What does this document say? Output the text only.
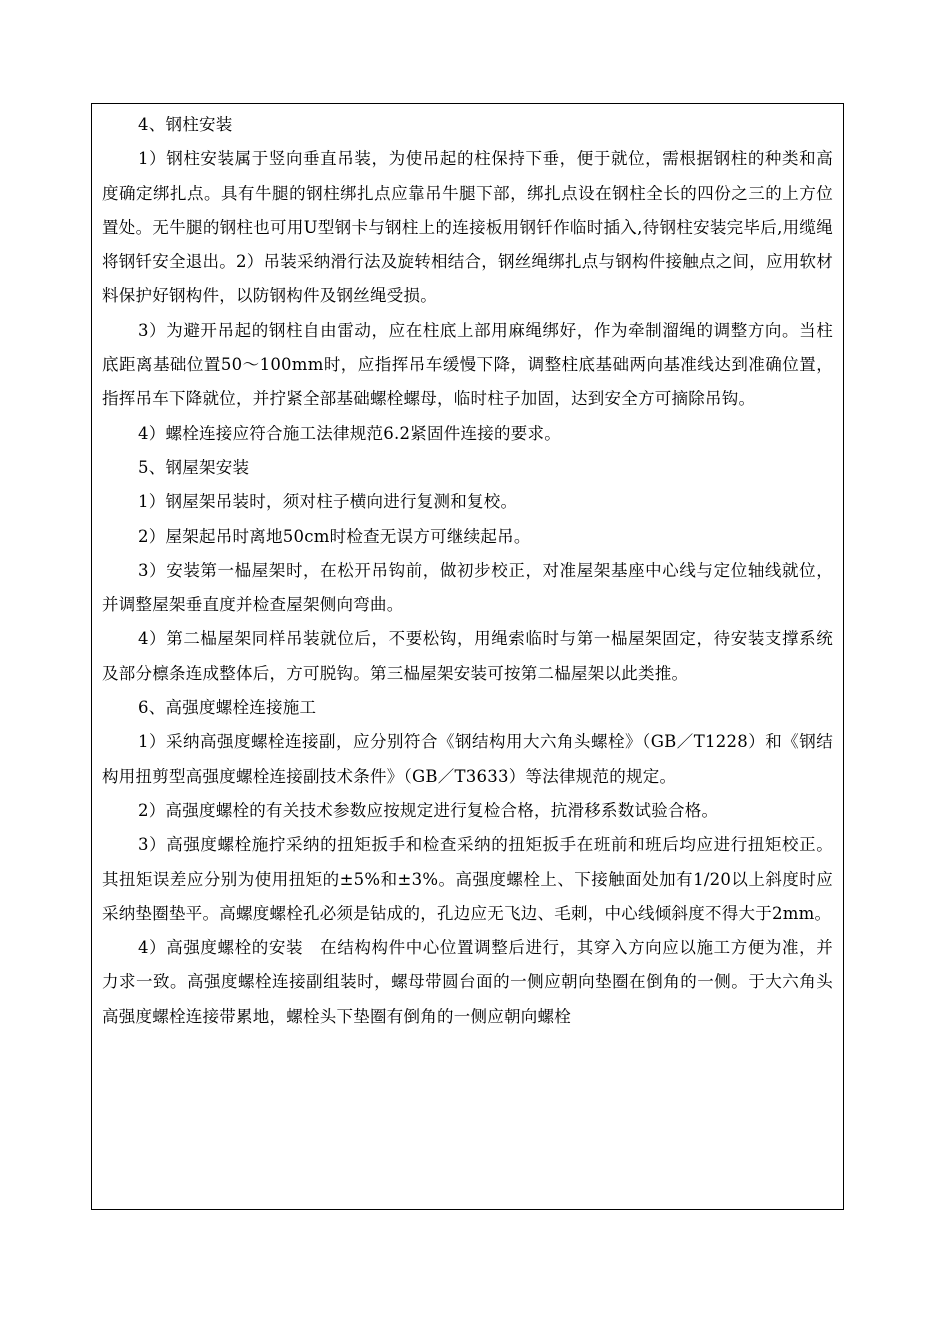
4、钢柱安装

1）钢柱安装属于竖向垂直吊装，为使吊起的柱保持下垂，便于就位，需根据钢柱的种类和高度确定绑扎点。具有牛腿的钢柱绑扎点应靠吊牛腿下部，绑扎点设在钢柱全长的四份之三的上方位置处。无牛腿的钢柱也可用U型钢卡与钢柱上的连接板用钢钎作临时插入,待钢柱安装完毕后,用缆绳将钢钎安全退出。2）吊装采纳滑行法及旋转相结合，钢丝绳绑扎点与钢构件接触点之间，应用软材料保护好钢构件，以防钢构件及钢丝绳受损。

3）为避开吊起的钢柱自由雷动，应在柱底上部用麻绳绑好，作为牵制溜绳的调整方向。当柱底距离基础位置50～100mm时，应指挥吊车缓慢下降，调整柱底基础两向基准线达到准确位置，指挥吊车下降就位，并拧紧全部基础螺栓螺母，临时柱子加固，达到安全方可摘除吊钩。

4）螺栓连接应符合施工法律规范6.2紧固件连接的要求。

5、钢屋架安装

1）钢屋架吊装时，须对柱子横向进行复测和复校。

2）屋架起吊时离地50cm时检查无误方可继续起吊。

3）安装第一榀屋架时，在松开吊钩前，做初步校正，对准屋架基座中心线与定位轴线就位，并调整屋架垂直度并检查屋架侧向弯曲。

4）第二榀屋架同样吊装就位后，不要松钩，用绳索临时与第一榀屋架固定，待安装支撑系统及部分檩条连成整体后，方可脱钩。第三榀屋架安装可按第二榀屋架以此类推。

6、高强度螺栓连接施工

1）采纳高强度螺栓连接副，应分别符合《钢结构用大六角头螺栓》（GB／T1228）和《钢结构用扭剪型高强度螺栓连接副技术条件》（GB／T3633）等法律规范的规定。

2）高强度螺栓的有关技术参数应按规定进行复检合格，抗滑移系数试验合格。

3）高强度螺栓施拧采纳的扭矩扳手和检查采纳的扭矩扳手在班前和班后均应进行扭矩校正。其扭矩误差应分别为使用扭矩的±5%和±3%。高强度螺栓上、下接触面处加有1/20以上斜度时应采纳垫圈垫平。高螺度螺栓孔必须是钻成的，孔边应无飞边、毛刺，中心线倾斜度不得大于2mm。

4）高强度螺栓的安装　在结构构件中心位置调整后进行，其穿入方向应以施工方便为准，并力求一致。高强度螺栓连接副组装时，螺母带圆台面的一侧应朝向垫圈在倒角的一侧。于大六角头高强度螺栓连接带累地，螺栓头下垫圈有倒角的一侧应朝向螺栓
